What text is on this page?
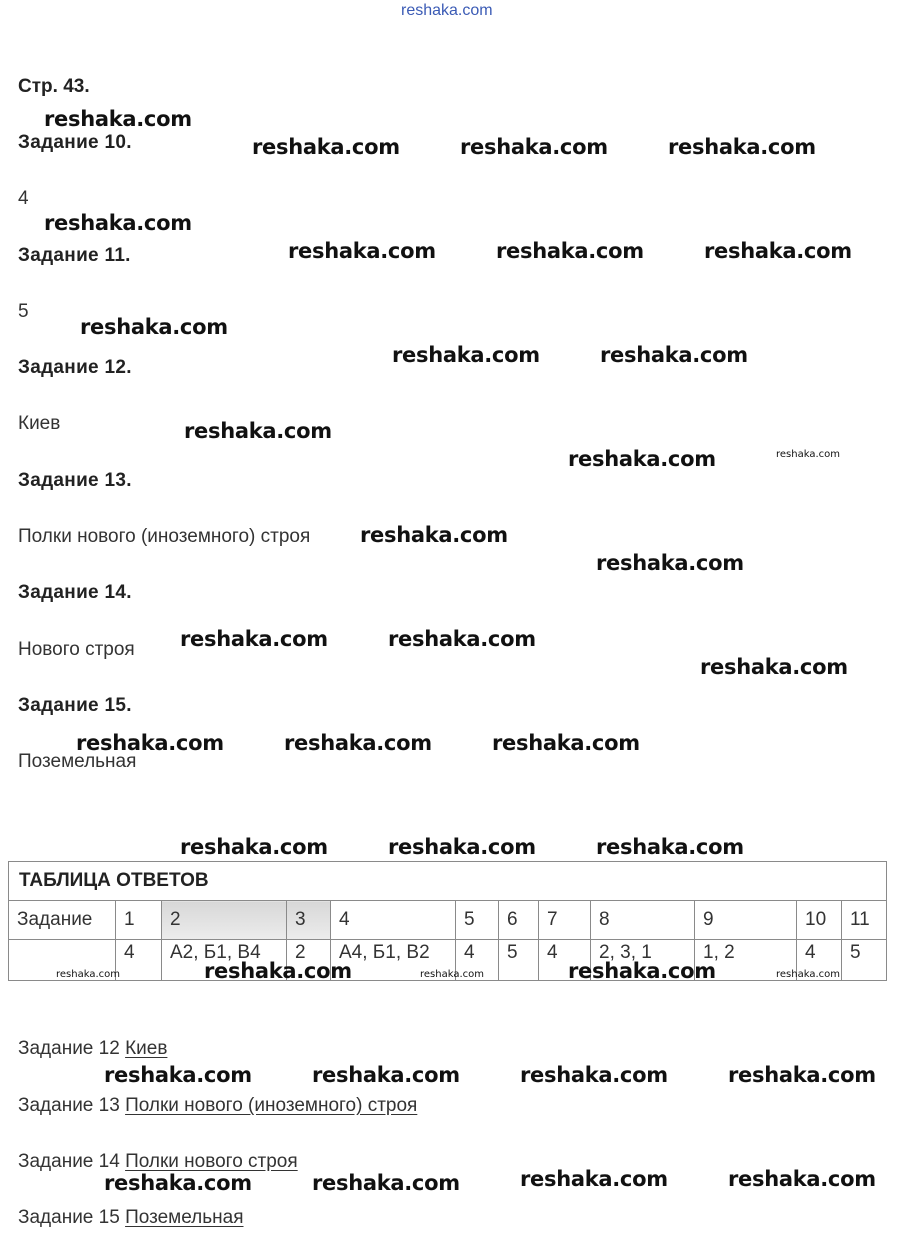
reshaka.com
Стр. 43.
Задание 10.
4
Задание 11.
5
Задание 12.
Киев
Задание 13.
Полки нового (иноземного) строя
Задание 14.
Нового строя
Задание 15.
Поземельная
ТАБЛИЦА ОТВЕТОВ											
Задание	1	2	3	4	5	6	7	8	9	10	11
	4	А2, Б1, В4	2	А4, Б1, В2	4	5	4	2, 3, 1	1, 2	4	5
Задание 12 Киев
Задание 13 Полки нового (иноземного) строя
Задание 14 Полки нового строя
Задание 15 Поземельная
reshaka.com
reshaka.com	reshaka.com	reshaka.com
reshaka.com
reshaka.com	reshaka.com	reshaka.com
reshaka.com
reshaka.com	reshaka.com
reshaka.com
reshaka.com	reshaka.com
reshaka.com
reshaka.com
reshaka.com	reshaka.com
reshaka.com
reshaka.com	reshaka.com	reshaka.com
reshaka.com	reshaka.com	reshaka.com
reshaka.com	reshaka.com
reshaka.com	reshaka.com	reshaka.com
reshaka.com	reshaka.com	reshaka.com	reshaka.com
reshaka.com	reshaka.com	reshaka.com	reshaka.com
